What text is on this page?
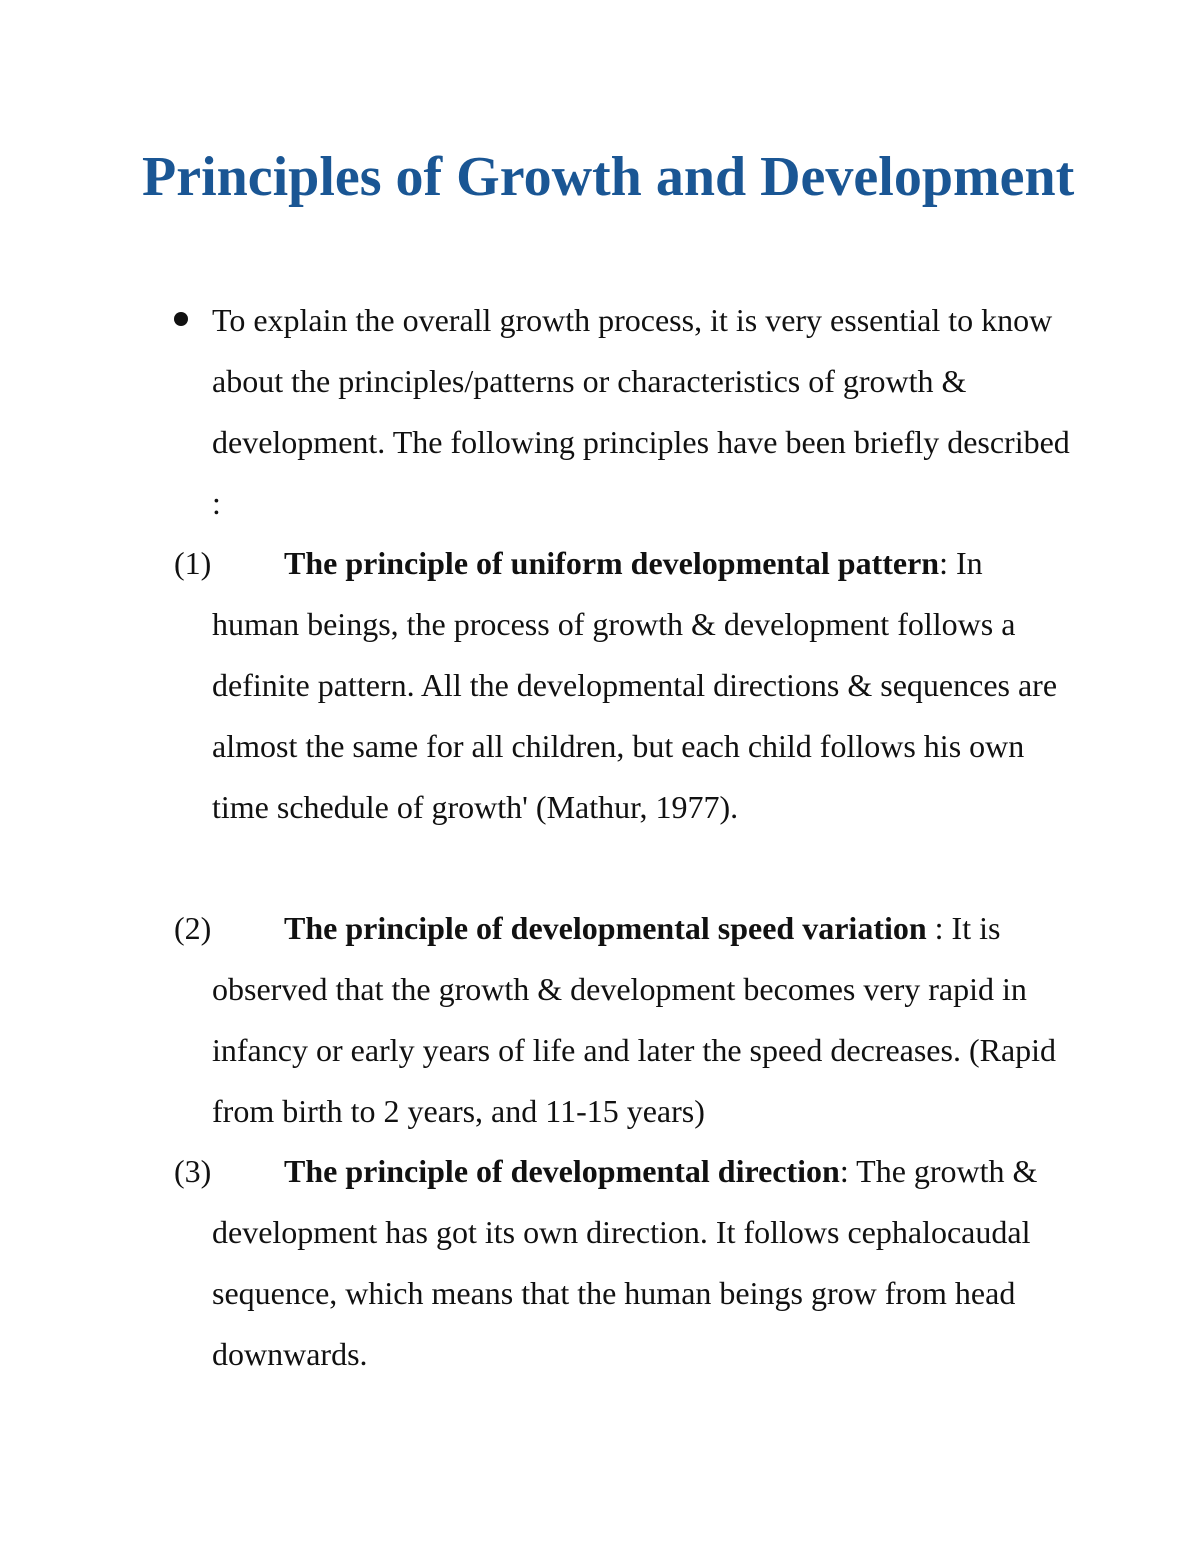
Principles of Growth and Development

To explain the overall growth process, it is very essential to know about the principles/patterns or characteristics of growth & development. The following principles have been briefly described :

(1)	The principle of uniform developmental pattern: In human beings, the process of growth & development follows a definite pattern. All the developmental directions & sequences are almost the same for all children, but each child follows his own time schedule of growth' (Mathur, 1977).

(2)	The principle of developmental speed variation : It is observed that the growth & development becomes very rapid in infancy or early years of life and later the speed decreases. (Rapid from birth to 2 years, and 11-15 years)

(3)	The principle of developmental direction: The growth & development has got its own direction. It follows cephalocaudal sequence, which means that the human beings grow from head downwards.
